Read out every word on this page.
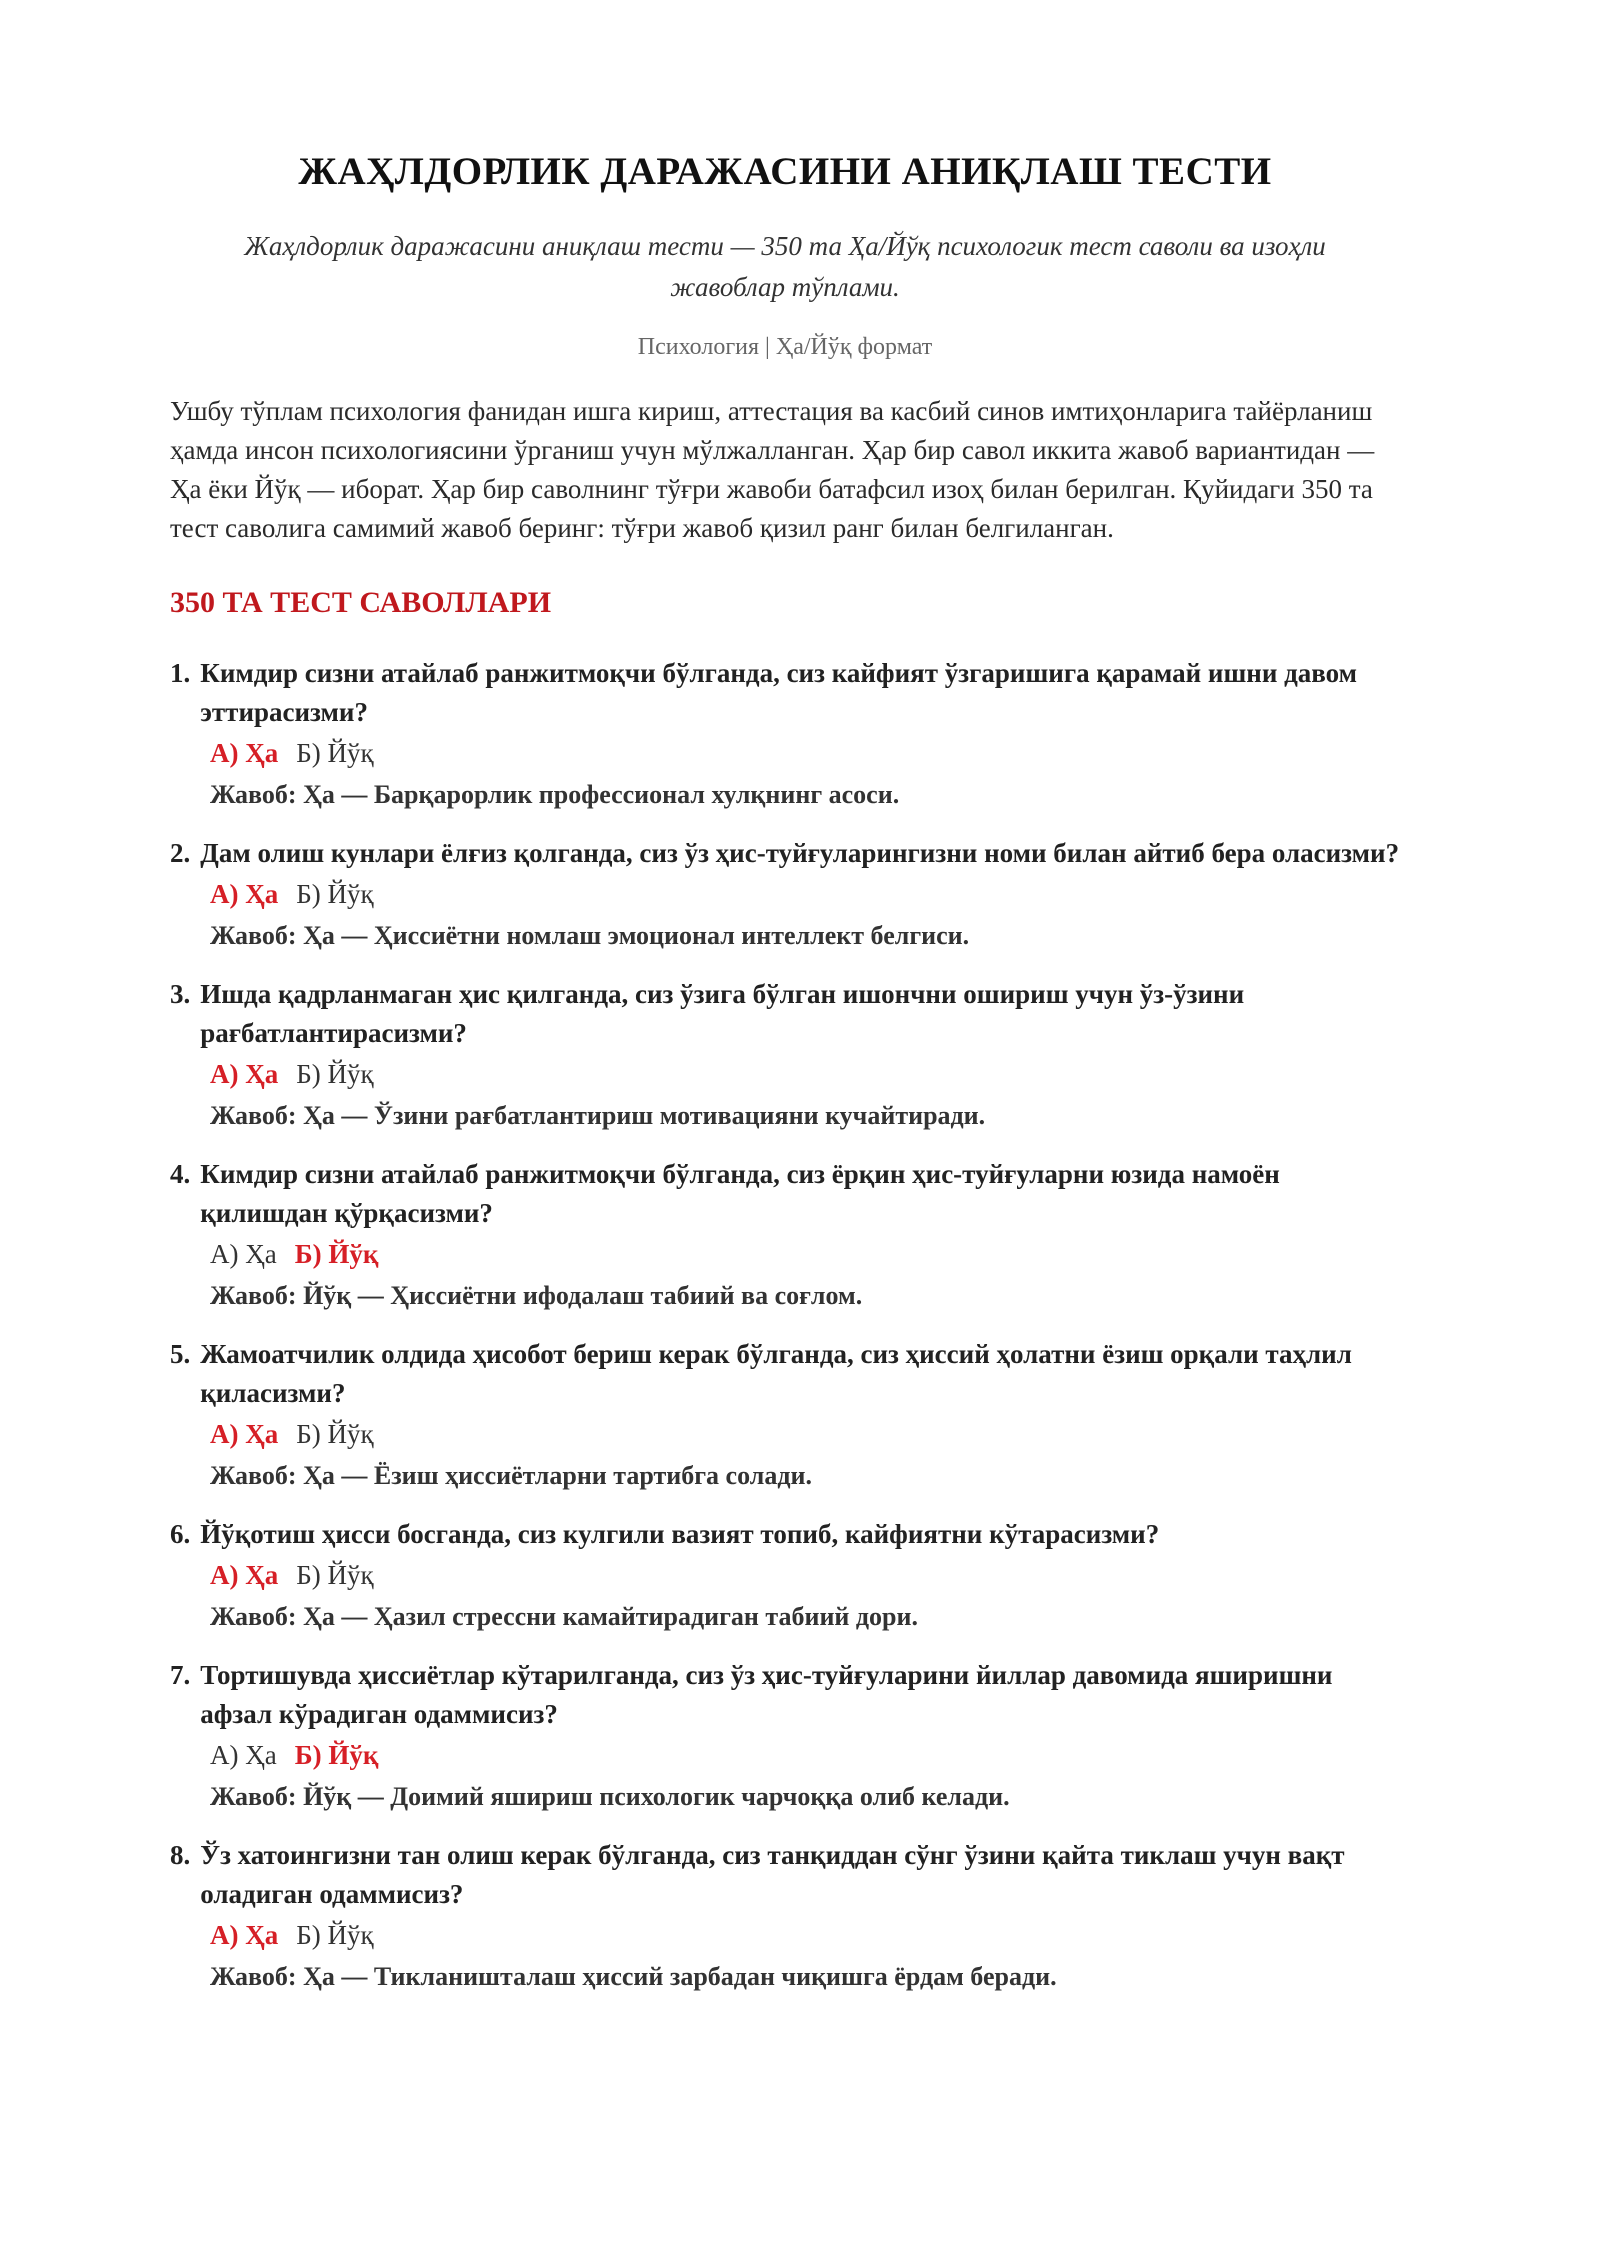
ЖАҲЛДОРЛИК ДАРАЖАСИНИ АНИҚЛАШ ТЕСТИ

Жаҳлдорлик даражасини аниқлаш тести — 350 та Ҳа/Йўқ психологик тест саволи ва изоҳли жавоблар тўплами.

Психология | Ҳа/Йўқ формат

Ушбу тўплам психология фанидан ишга кириш, аттестация ва касбий синов имтиҳонларига тайёрланиш ҳамда инсон психологиясини ўрганиш учун мўлжалланган. Ҳар бир савол иккита жавоб вариантидан — Ҳа ёки Йўқ — иборат. Ҳар бир саволнинг тўғри жавоби батафсил изоҳ билан берилган. Қуйидаги 350 та тест саволига самимий жавоб беринг: тўғри жавоб қизил ранг билан белгиланган.

350 ТА ТЕСТ САВОЛЛАРИ
1. Кимдир сизни атайлаб ранжитмоқчи бўлганда, сиз кайфият ўзгаришига қарамай ишни давом эттирасизми?
А) Ҳа Б) Йўқ
Жавоб: Ҳа — Барқарорлик профессионал хулқнинг асоси.
2. Дам олиш кунлари ёлғиз қолганда, сиз ўз ҳис-туйғуларингизни номи билан айтиб бера оласизми?
А) Ҳа Б) Йўқ
Жавоб: Ҳа — Ҳиссиётни номлаш эмоционал интеллект белгиси.
3. Ишда қадрланмаган ҳис қилганда, сиз ўзига бўлган ишончни ошириш учун ўз-ўзини рағбатлантирасизми?
А) Ҳа Б) Йўқ
Жавоб: Ҳа — Ўзини рағбатлантириш мотивацияни кучайтиради.
4. Кимдир сизни атайлаб ранжитмоқчи бўлганда, сиз ёрқин ҳис-туйғуларни юзида намоён қилишдан қўрқасизми?
А) Ҳа Б) Йўқ
Жавоб: Йўқ — Ҳиссиётни ифодалаш табиий ва соғлом.
5. Жамоатчилик олдида ҳисобот бериш керак бўлганда, сиз ҳиссий ҳолатни ёзиш орқали таҳлил қиласизми?
А) Ҳа Б) Йўқ
Жавоб: Ҳа — Ёзиш ҳиссиётларни тартибга солади.
6. Йўқотиш ҳисси босганда, сиз кулгили вазият топиб, кайфиятни кўтарасизми?
А) Ҳа Б) Йўқ
Жавоб: Ҳа — Ҳазил стрессни камайтирадиган табиий дори.
7. Тортишувда ҳиссиётлар кўтарилганда, сиз ўз ҳис-туйғуларини йиллар давомида яширишни афзал кўрадиган одаммисиз?
А) Ҳа Б) Йўқ
Жавоб: Йўқ — Доимий яшириш психологик чарчоққа олиб келади.
8. Ўз хатоингизни тан олиш керак бўлганда, сиз танқиддан сўнг ўзини қайта тиклаш учун вақт оладиган одаммисиз?
А) Ҳа Б) Йўқ
Жавоб: Ҳа — Тикланишталаш ҳиссий зарбадан чиқишга ёрдам беради.
